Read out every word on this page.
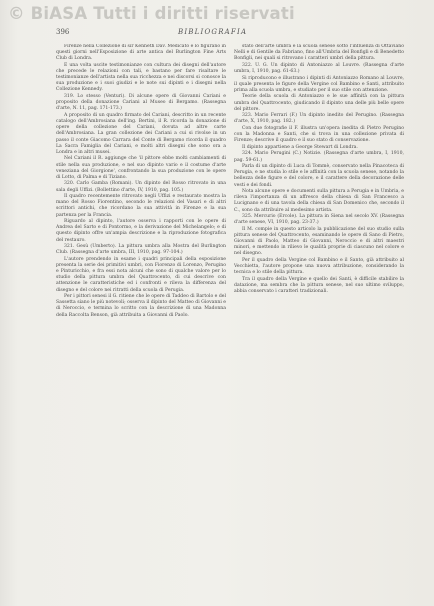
© BiASA Tutti i diritti riservati
396	BIBLIOGRAFIA

Firenze nella Collezione di sir Kenneth Dav. Medicato e lo figurano in questi giorni nell'Esposizione di arte antica del Burlington Fine Arts Club di Londra.

E una volta uscite testimonianze con cultura dei disegni dell'autore che precede le relazioni con tali, e bastano per fare risaltare le testimonianze dell'artista nella sua ricchezza e nei discorsi si conosce la sua produzione e i suoi giudizi e le note sui dipinti e i disegni nella Collezione Kennedy.

319. Lo stesso (Venturi). Di alcune opere di Giovanni Cariani e proposito della donazione Cariani al Museo di Bergamo. (Rassegna d'arte, N. 11, pag. 171-173.)

A proposito di un quadro firmato del Cariani, descritto in un recente catalogo dell'Ambrosiana dell'ing. Bertini, il R. ricorda la donazione di opere della collezione del Cariani, dovuta ad altre carte dell'Ambrosiana. La gran collezione dei Cariani a cui si rivolse in un passo il conte Giacomo Carrara del Conte di Bergamo ricorda il quadro La Sacra Famiglia del Cariani, e molti altri disegni che sono ora a Londra e in altri musei.

Nel Cariani il R. aggiunge che 'il pittore ebbe molti cambiamenti di stile nella sua produzione, e nel suo dipinto vario e il costume d'arte veneziana del Giorgione', confrontando la sua produzione con le opere di Lotto, di Palma e di Tiziano.

320. Carlo Gamba (Romani). Un dipinto del Rosso ritrovato in una sala degli Uffizi. (Bollettino d'arte, IV, 1910, pag. 105.)

Il quadro recentemente ritrovato negli Uffizi e restaurato mostra la mano del Rosso Fiorentino, secondo le relazioni del Vasari e di altri scrittori antichi, che ricordano la sua attività in Firenze e la sua partenza per la Francia.

Riguardo al dipinto, l'autore osserva i rapporti con le opere di Andrea del Sarto e di Pontormo, e la derivazione del Michelangelo; e di questo dipinto offre un'ampia descrizione e la riproduzione fotografica del restauro.

321. Gesù (Umberto). La pittura umbra alla Mostra del Burlington Club. (Rassegna d'arte umbra, III, 1910, pag. 97-104.)

L'autore prendendo in esame i quadri principali della esposizione presenta la serie dei primitivi umbri, con Fiorenzo di Lorenzo, Perugino e Pinturicchio, e fra essi nota alcuni che sono di qualche valore per lo studio della pittura umbra del Quattrocento, di cui descrive con attenzione le caratteristiche ed i confronti e rileva la differenza del disegno e del colore nei ritratti della scuola di Perugia.

Per i pittori senesi il G. ritiene che le opere di Taddeo di Bartolo e del Sassetta siano le più notevoli; osserva il dipinto del Matteo di Giovanni e di Neroccio, e termina lo scritto con la descrizione di una Madonna della Raccolta Benson, già attribuita a Giovanni di Paolo.

stato dell'arte umbra e la scuola senese sotto l'influenza di Ottaviano Nelli e di Gentile da Fabriano, fino all'Umbria del Bonfigli e di Benedetto Bonfigli, nei quali si ritrovano i caratteri umbri della pittura.

322. U. G. Un dipinto di Antoniazzo al Louvre. (Rassegna d'arte umbra, I, 1910, pag. 61-63.)

Si riproducono e illustrano i dipinti di Antoniazzo Romano al Louvre, il quale presenta le figure della Vergine col Bambino e Santi, attribuito prima alla scuola umbra, e studiato per il suo stile con attenzione.

Teorie della scuola di Antoniazzo e le sue affinità con la pittura umbra del Quattrocento, giudicando il dipinto una delle più belle opere del pittore.

323. Mario Ferrari (F.) Un dipinto inedito del Perugino. (Rassegna d'arte, X, 1910, pag. 182.)

Con due fotografie il F. illustra un'opera inedita di Pietro Perugino con la Madonna e Santi, che si trova in una collezione privata di Firenze; descrive il quadro e il suo stato di conservazione.

Il dipinto appartiene a George Stewart di Londra.

324. Mario Perugini (C.) Notizie. (Rassegna d'arte umbra, I, 1910, pag. 59-61.)

Parla di un dipinto di Luca di Tommè, conservato nella Pinacoteca di Perugia, e ne studia lo stile e le affinità con la scuola senese, notando la bellezza delle figure e del colore, e il carattere della decorazione delle vesti e dei fondi.

Nota alcune opere e documenti sulla pittura a Perugia e in Umbria, e rileva l'importanza di un affresco della chiesa di San Francesco a Lucignano e di una tavola della chiesa di San Domenico che, secondo il C., sono da attribuire al medesimo artista.

325. Mercurio (Ercole). La pittura in Siena nel secolo XV. (Rassegna d'arte senese, VI, 1910, pag. 23-37.)

Il M. compie in questo articolo la pubblicazione del suo studio sulla pittura senese del Quattrocento, esaminando le opere di Sano di Pietro, Giovanni di Paolo, Matteo di Giovanni, Neroccio e di altri maestri minori, e mettendo in rilievo le qualità proprie di ciascuno nel colore e nel disegno.

Per il quadro della Vergine col Bambino e il Santo, già attribuito al Vecchietta, l'autore propone una nuova attribuzione, considerando la tecnica e lo stile della pittura.

Tra il quadro della Vergine e quello dei Santi, è difficile stabilire la datazione, ma sembra che la pittura senese, nel suo ultimo sviluppo, abbia conservato i caratteri tradizionali.
